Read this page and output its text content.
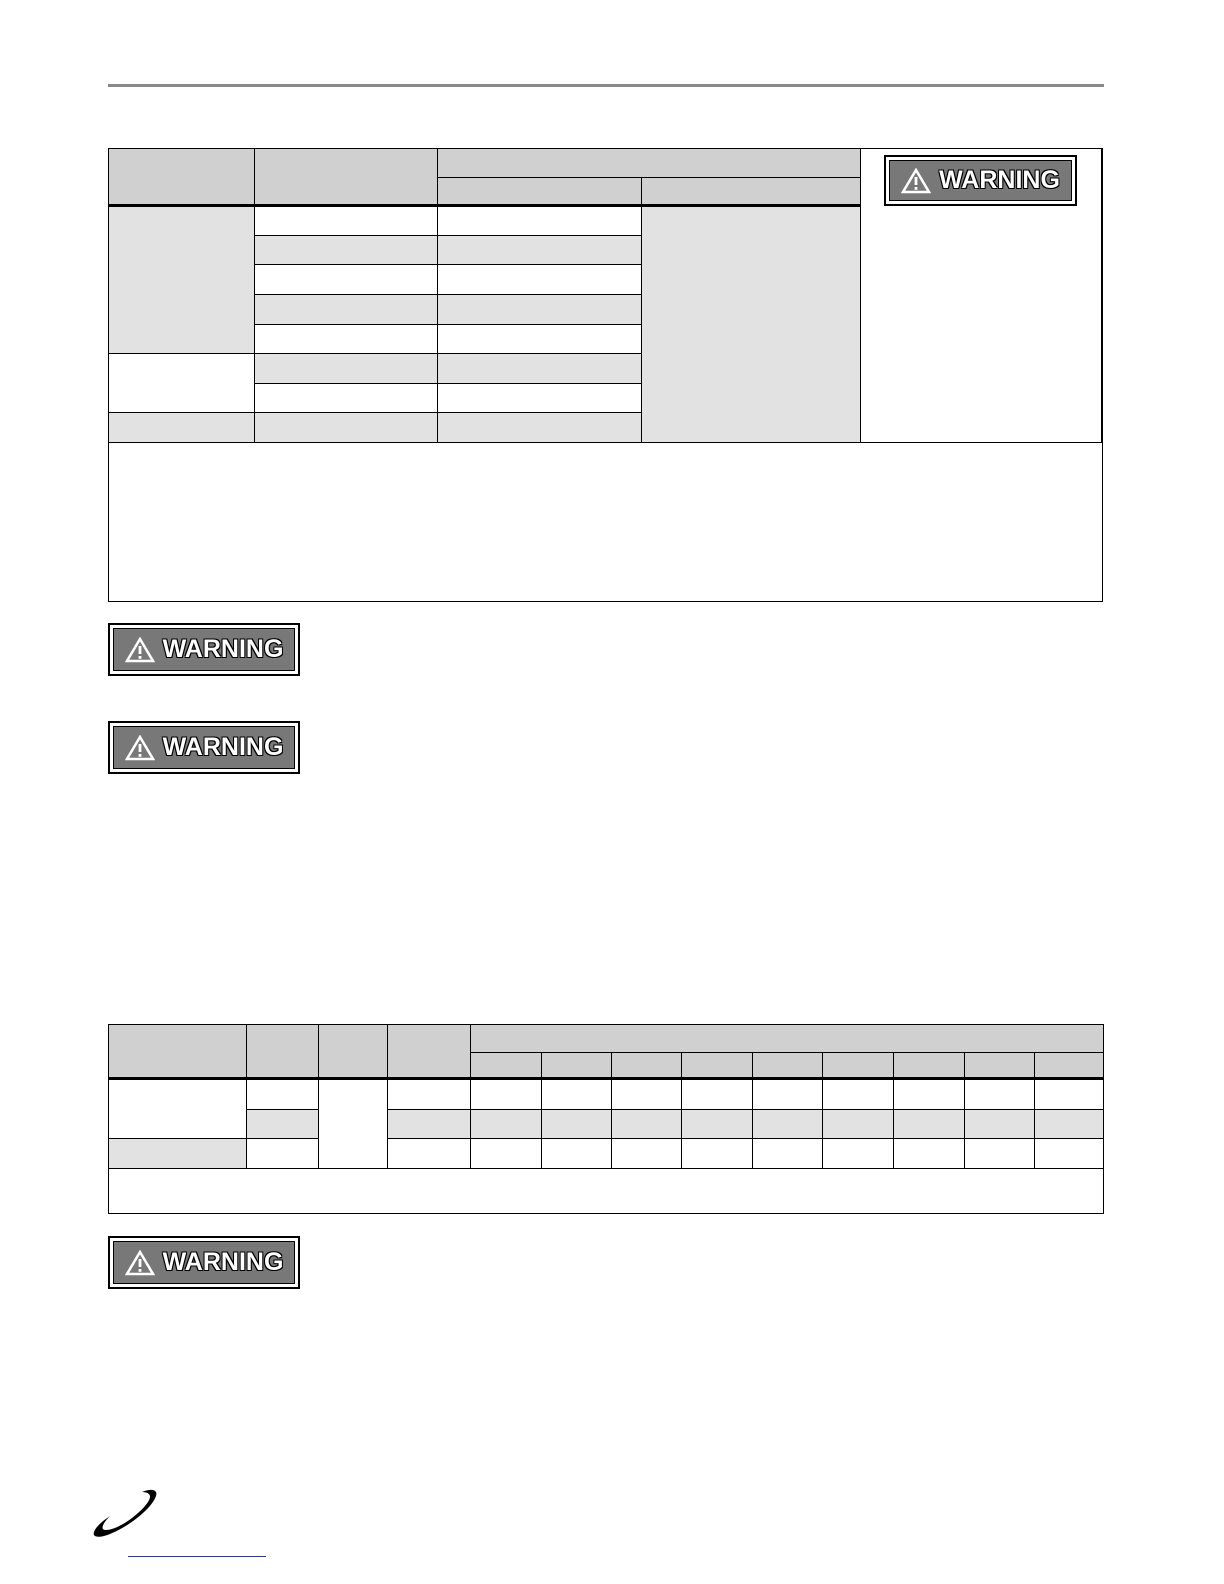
WARNING
WARNING
WARNING
WARNING
